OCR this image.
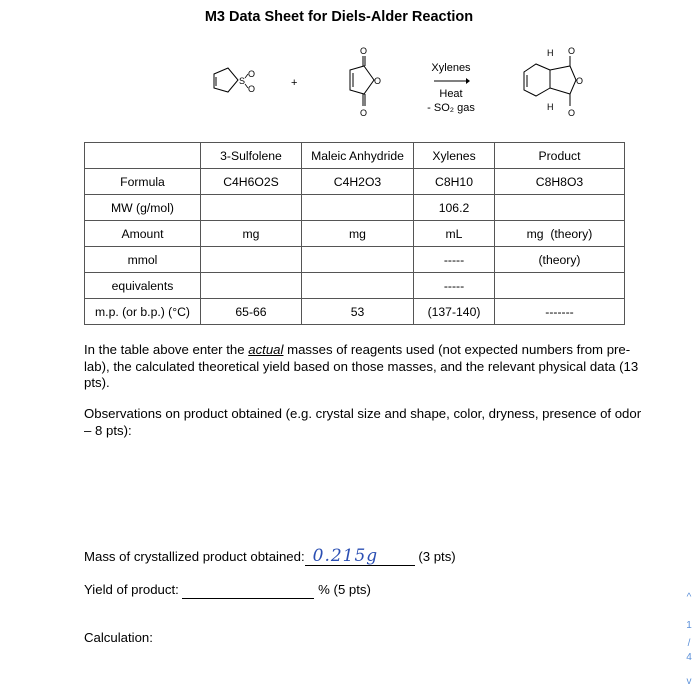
M3 Data Sheet for Diels-Alder Reaction
S
O
O	+
O
O
O
Xylenes
Heat
- SO₂ gas
H O
O
H
O
	3-Sulfolene	Maleic Anhydride	Xylenes	Product
Formula	C4H6O2S	C4H2O3	C8H10	C8H8O3
MW (g/mol)			106.2	
Amount	mg	mg	mL	mg  (theory)
mmol			-----	(theory)
equivalents			-----	
m.p. (or b.p.) (°C)	65-66	53	(137-140)	-------
In the table above enter the actual masses of reagents used (not expected numbers from pre-lab), the calculated theoretical yield based on those masses, and the relevant physical data (13 pts).
Observations on product obtained (e.g. crystal size and shape, color, dryness, presence of odor – 8 pts):
Mass of crystallized product obtained: 0.215g	(3 pts)
Yield of product:	% (5 pts)
Calculation:
^
1
/
4
v
